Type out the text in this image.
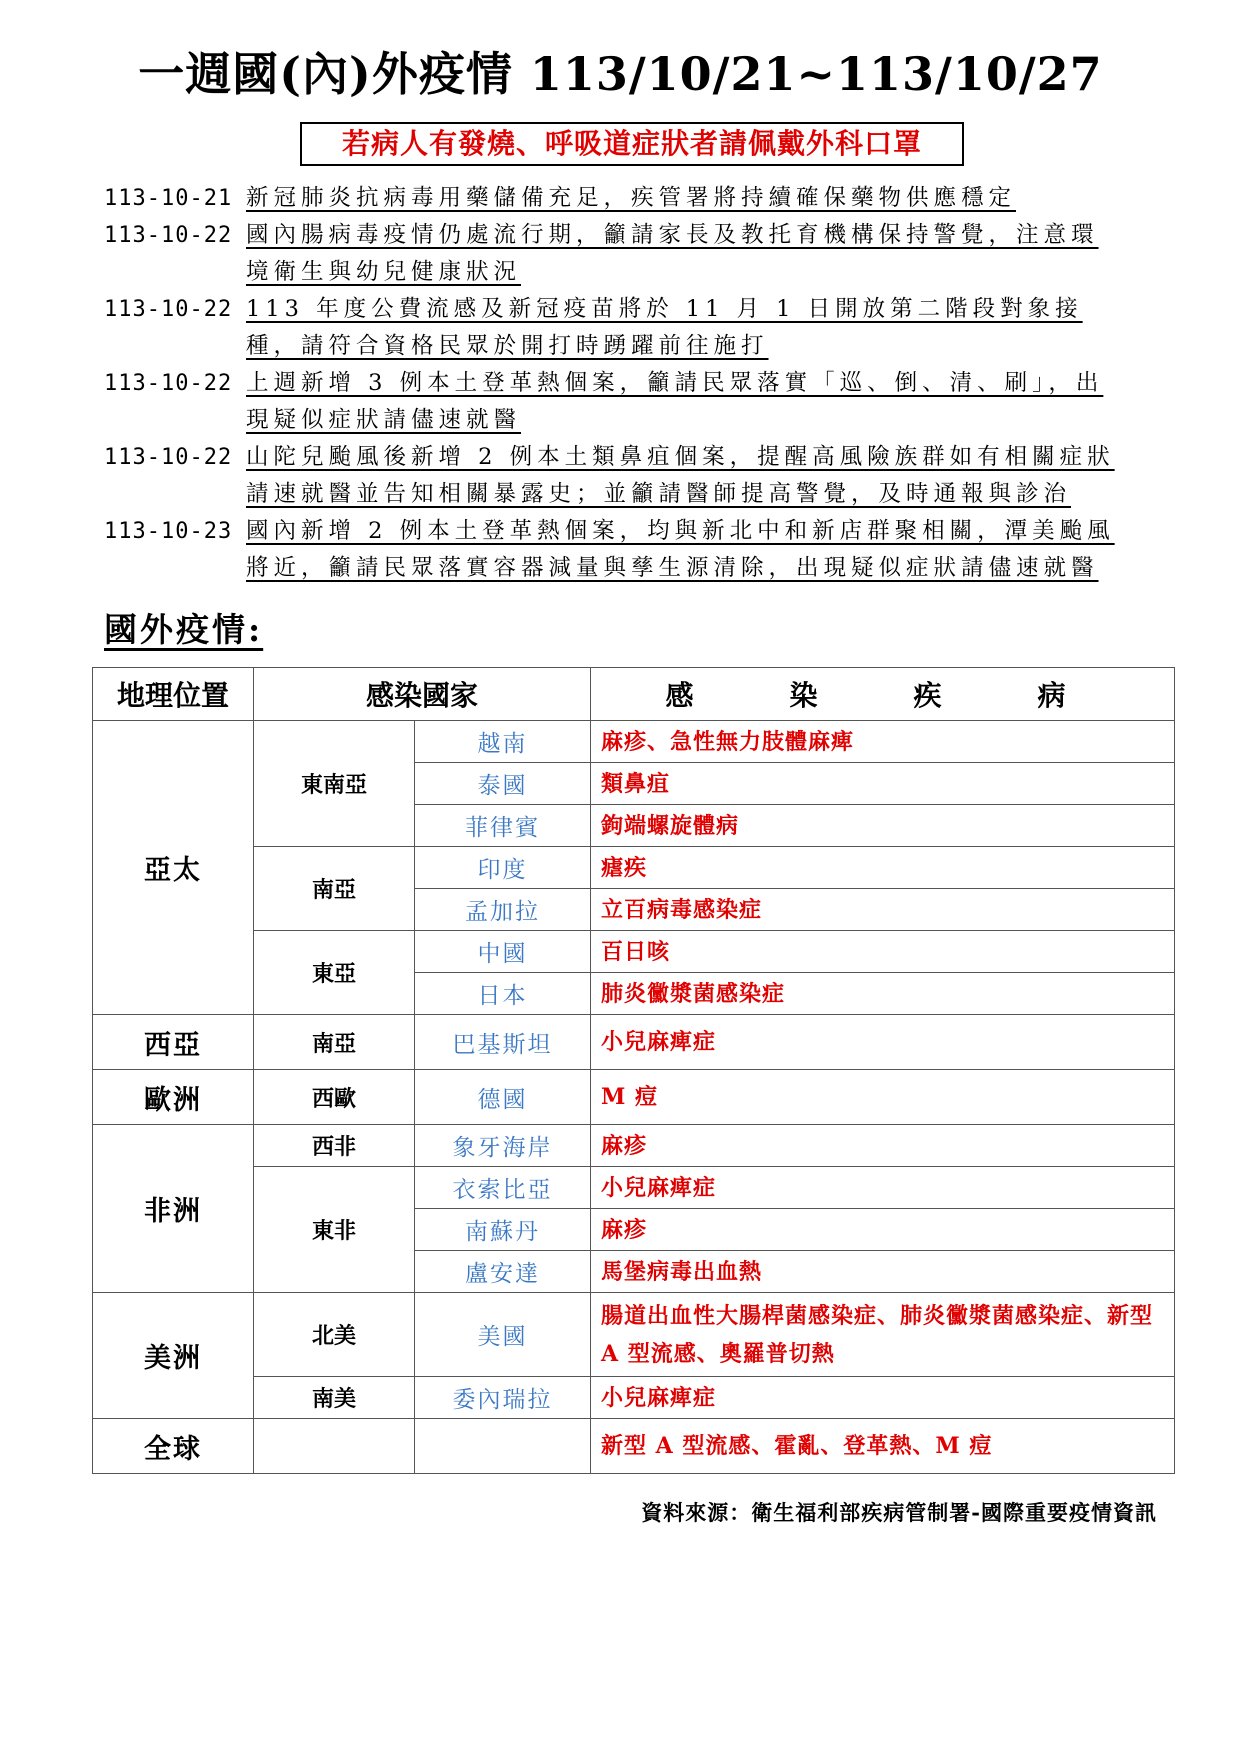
一週國(內)外疫情 113/10/21~113/10/27
若病人有發燒、呼吸道症狀者請佩戴外科口罩
113-10-21 新冠肺炎抗病毒用藥儲備充足，疾管署將持續確保藥物供應穩定
113-10-22 國內腸病毒疫情仍處流行期，籲請家長及教托育機構保持警覺，注意環境衛生與幼兒健康狀況
113-10-22 113 年度公費流感及新冠疫苗將於 11 月 1 日開放第二階段對象接種，請符合資格民眾於開打時踴躍前往施打
113-10-22 上週新增 3 例本土登革熱個案，籲請民眾落實「巡、倒、清、刷」，出現疑似症狀請儘速就醫
113-10-22 山陀兒颱風後新增 2 例本土類鼻疽個案，提醒高風險族群如有相關症狀請速就醫並告知相關暴露史；並籲請醫師提高警覺，及時通報與診治
113-10-23 國內新增 2 例本土登革熱個案，均與新北中和新店群聚相關，潭美颱風將近，籲請民眾落實容器減量與孳生源清除，出現疑似症狀請儘速就醫
國外疫情:
地理位置	感染國家		感　染　疾　病
亞太	東南亞	越南	麻疹、急性無力肢體麻痺
		泰國	類鼻疽
		菲律賓	鉤端螺旋體病
	南亞	印度	瘧疾
		孟加拉	立百病毒感染症
	東亞	中國	百日咳
		日本	肺炎黴漿菌感染症
西亞	南亞	巴基斯坦	小兒麻痺症
歐洲	西歐	德國	M 痘
非洲	西非	象牙海岸	麻疹
	東非	衣索比亞	小兒麻痺症
		南蘇丹	麻疹
		盧安達	馬堡病毒出血熱
美洲	北美	美國	腸道出血性大腸桿菌感染症、肺炎黴漿菌感染症、新型 A 型流感、奧羅普切熱
	南美	委內瑞拉	小兒麻痺症
全球			新型 A 型流感、霍亂、登革熱、M 痘
資料來源：衛生福利部疾病管制署-國際重要疫情資訊
